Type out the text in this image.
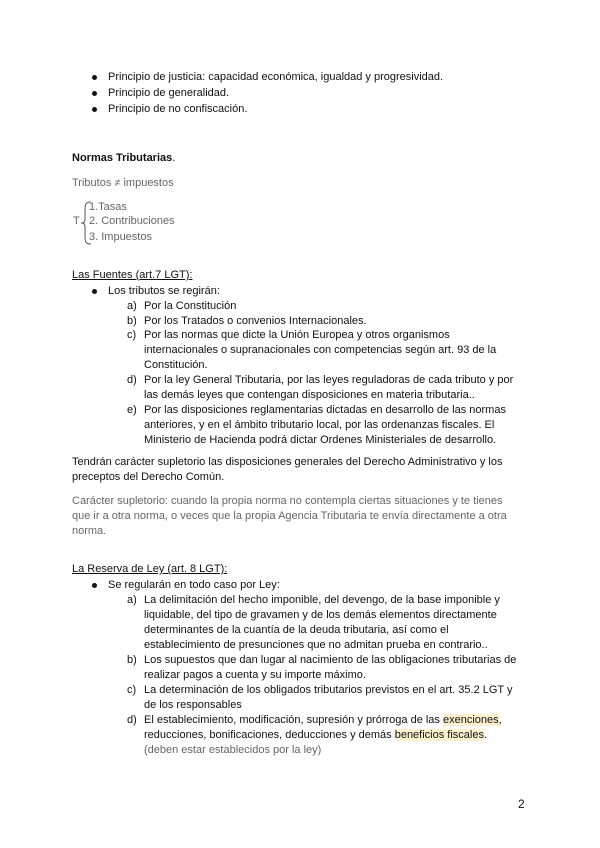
Principio de justicia: capacidad económica, igualdad y progresividad.
Principio de generalidad.
Principio de no confiscación.
Normas Tributarias.
Tributos ≠ impuestos
T
1.Tasas
2. Contribuciones
3. Impuestos
Las Fuentes (art.7 LGT):
Los tributos se regirán:
a) Por la Constitución
b) Por los Tratados o convenios Internacionales.
c) Por las normas que dicte la Unión Europea y otros organismos
internacionales o supranacionales con competencias según art. 93 de la
Constitución.
d) Por la ley General Tributaria, por las leyes reguladoras de cada tributo y por
las demás leyes que contengan disposiciones en materia tributaria..
e) Por las disposiciones reglamentarias dictadas en desarrollo de las normas
anteriores, y en el ámbito tributario local, por las ordenanzas fiscales. El
Ministerio de Hacienda podrá dictar Ordenes Ministeriales de desarrollo.
Tendrán carácter supletorio las disposiciones generales del Derecho Administrativo y los
preceptos del Derecho Común.
Carácter supletorio: cuando la propia norma no contempla ciertas situaciones y te tienes
que ir a otra norma, o veces que la propia Agencia Tributaria te envía directamente a otra
norma.
La Reserva de Ley (art. 8 LGT):
Se regularán en todo caso por Ley:
a) La delimitación del hecho imponible, del devengo, de la base imponible y
liquidable, del tipo de gravamen y de los demás elementos directamente
determinantes de la cuantía de la deuda tributaria, así como el
establecimiento de presunciones que no admitan prueba en contrario..
b) Los supuestos que dan lugar al nacimiento de las obligaciones tributarias de
realizar pagos a cuenta y su importe máximo.
c) La determinación de los obligados tributarios previstos en el art. 35.2 LGT y
de los responsables
d) El establecimiento, modificación, supresión y prórroga de las exenciones,
reducciones, bonificaciones, deducciones y demás beneficios fiscales.
(deben estar establecidos por la ley)
2
